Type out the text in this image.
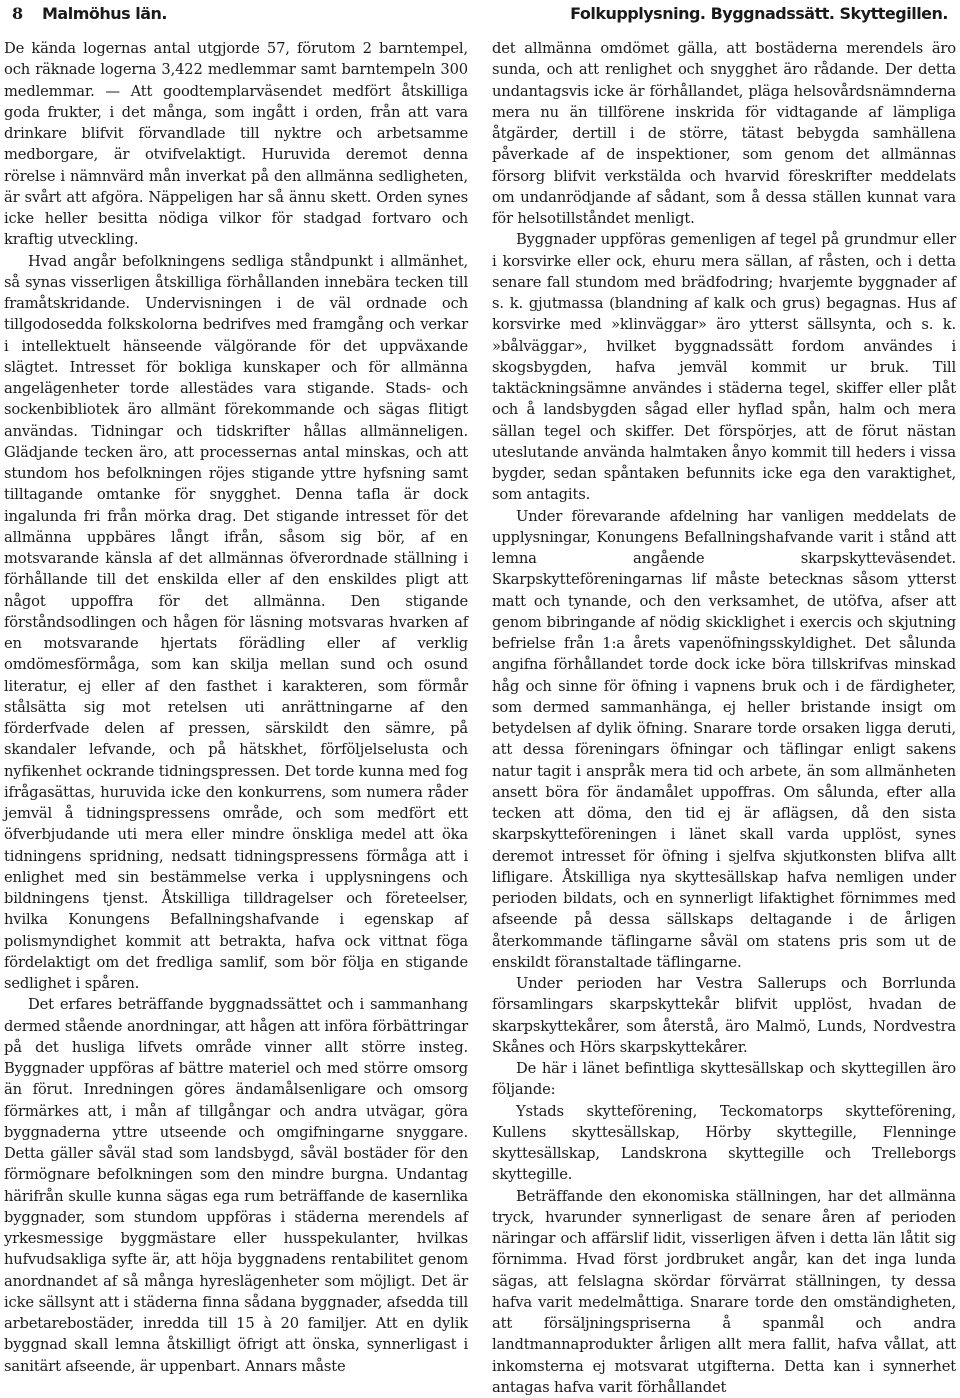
8 Malmöhus län.	Folkupplysning. Byggnadssätt. Skyttegillen.

De kända logernas antal utgjorde 57, förutom 2 barntempel, och räknade logerna 3,422 medlemmar samt barntempeln 300 medlemmar. — Att goodtemplarväsendet medfört åtskilliga goda frukter, i det många, som ingått i orden, från att vara drinkare blifvit förvandlade till nyktre och arbetsamme medborgare, är otvifvelaktigt. Huruvida deremot denna rörelse i nämnvärd mån inverkat på den allmänna sedligheten, är svårt att afgöra. Näppeligen har så ännu skett. Orden synes icke heller besitta nödiga vilkor för stadgad fortvaro och kraftig utveckling.

Hvad angår befolkningens sedliga ståndpunkt i allmänhet, så synas visserligen åtskilliga förhållanden innebära tecken till framåtskridande. Undervisningen i de väl ordnade och tillgodosedda folkskolorna bedrifves med framgång och verkar i intellektuelt hänseende välgörande för det uppväxande slägtet. Intresset för bokliga kunskaper och för allmänna angelägenheter torde allestädes vara stigande. Stads- och sockenbibliotek äro allmänt förekommande och sägas flitigt användas. Tidningar och tidskrifter hållas allmänneligen. Glädjande tecken äro, att processernas antal minskas, och att stundom hos befolkningen röjes stigande yttre hyfsning samt tilltagande omtanke för snygghet. Denna tafla är dock ingalunda fri från mörka drag. Det stigande intresset för det allmänna uppbäres långt ifrån, såsom sig bör, af en motsvarande känsla af det allmännas öfverordnade ställning i förhållande till det enskilda eller af den enskildes pligt att något uppoffra för det allmänna. Den stigande förståndsodlingen och hågen för läsning motsvaras hvarken af en motsvarande hjertats förädling eller af verklig omdömesförmåga, som kan skilja mellan sund och osund literatur, ej eller af den fasthet i karakteren, som förmår stålsätta sig mot retelsen uti anrättningarne af den förderfvade delen af pressen, särskildt den sämre, på skandaler lefvande, och på hätskhet, förföljelselusta och nyfikenhet ockrande tidningspressen. Det torde kunna med fog ifrågasättas, huruvida icke den konkurrens, som numera råder jemväl å tidningspressens område, och som medfört ett öfverbjudande uti mera eller mindre önskliga medel att öka tidningens spridning, nedsatt tidningspressens förmåga att i enlighet med sin bestämmelse verka i upplysningens och bildningens tjenst. Åtskilliga tilldragelser och företeelser, hvilka Konungens Befallningshafvande i egenskap af polismyndighet kommit att betrakta, hafva ock vittnat föga fördelaktigt om det fredliga samlif, som bör följa en stigande sedlighet i spåren.

Det erfares beträffande byggnadssättet och i sammanhang dermed stående anordningar, att hågen att införa förbättringar på det husliga lifvets område vinner allt större insteg. Byggnader uppföras af bättre materiel och med större omsorg än förut. Inredningen göres ändamålsenligare och omsorg förmärkes att, i mån af tillgångar och andra utvägar, göra byggnaderna yttre utseende och omgifningarne snyggare. Detta gäller såväl stad som landsbygd, såväl bostäder för den förmögnare befolkningen som den mindre burgna. Undantag härifrån skulle kunna sägas ega rum beträffande de kasernlika byggnader, som stundom uppföras i städerna merendels af yrkesmessige byggmästare eller husspekulanter, hvilkas hufvudsakliga syfte är, att höja byggnadens rentabilitet genom anordnandet af så många hyreslägenheter som möjligt. Det är icke sällsynt att i städerna finna sådana byggnader, afsedda till arbetarebostäder, inredda till 15 à 20 familjer. Att en dylik byggnad skall lemna åtskilligt öfrigt att önska, synnerligast i sanitärt afseende, är uppenbart. Annars måste

det allmänna omdömet gälla, att bostäderna merendels äro sunda, och att renlighet och snygghet äro rådande. Der detta undantagsvis icke är förhållandet, pläga helsovårdsnämnderna mera nu än tillförene inskrida för vidtagande af lämpliga åtgärder, dertill i de större, tätast bebygda samhällena påverkade af de inspektioner, som genom det allmännas försorg blifvit verkstälda och hvarvid föreskrifter meddelats om undanrödjande af sådant, som å dessa ställen kunnat vara för helsotillståndet menligt.

Byggnader uppföras gemenligen af tegel på grundmur eller i korsvirke eller ock, ehuru mera sällan, af råsten, och i detta senare fall stundom med brädfodring; hvarjemte byggnader af s. k. gjutmassa (blandning af kalk och grus) begagnas. Hus af korsvirke med »klinväggar» äro ytterst sällsynta, och s. k. »bålväggar», hvilket byggnadssätt fordom användes i skogsbygden, hafva jemväl kommit ur bruk. Till taktäckningsämne användes i städerna tegel, skiffer eller plåt och å landsbygden sågad eller hyflad spån, halm och mera sällan tegel och skiffer. Det förspörjes, att de förut nästan uteslutande använda halmtaken ånyo kommit till heders i vissa bygder, sedan spåntaken befunnits icke ega den varaktighet, som antagits.

Under förevarande afdelning har vanligen meddelats de upplysningar, Konungens Befallningshafvande varit i stånd att lemna angående skarpskytteväsendet. Skarpskytteföreningarnas lif måste betecknas såsom ytterst matt och tynande, och den verksamhet, de utöfva, afser att genom bibringande af nödig skicklighet i exercis och skjutning befrielse från 1:a årets vapenöfningsskyldighet. Det sålunda angifna förhållandet torde dock icke böra tillskrifvas minskad håg och sinne för öfning i vapnens bruk och i de färdigheter, som dermed sammanhänga, ej heller bristande insigt om betydelsen af dylik öfning. Snarare torde orsaken ligga deruti, att dessa föreningars öfningar och täflingar enligt sakens natur tagit i anspråk mera tid och arbete, än som allmänheten ansett böra för ändamålet uppoffras. Om sålunda, efter alla tecken att döma, den tid ej är aflägsen, då den sista skarpskytteföreningen i länet skall varda upplöst, synes deremot intresset för öfning i sjelfva skjutkonsten blifva allt lifligare. Åtskilliga nya skyttesällskap hafva nemligen under perioden bildats, och en synnerligt lifaktighet förnimmes med afseende på dessa sällskaps deltagande i de årligen återkommande täflingarne såväl om statens pris som ut de enskildt föranstaltade täflingarne.

Under perioden har Vestra Sallerups och Borrlunda församlingars skarpskyttekår blifvit upplöst, hvadan de skarpskyttekårer, som återstå, äro Malmö, Lunds, Nordvestra Skånes och Hörs skarpskyttekårer.

De här i länet befintliga skyttesällskap och skyttegillen äro följande:

Ystads skytteförening, Teckomatorps skytteförening, Kullens skyttesällskap, Hörby skyttegille, Flenninge skyttesällskap, Landskrona skyttegille och Trelleborgs skyttegille.

Beträffande den ekonomiska ställningen, har det allmänna tryck, hvarunder synnerligast de senare åren af perioden näringar och affärslif lidit, visserligen äfven i detta län låtit sig förnimma. Hvad först jordbruket angår, kan det inga lunda sägas, att felslagna skördar förvärrat ställningen, ty dessa hafva varit medelmåttiga. Snarare torde den omständigheten, att försäljningspriserna å spanmål och andra landtmannaprodukter årligen allt mera fallit, hafva vållat, att inkomsterna ej motsvarat utgifterna. Detta kan i synnerhet antagas hafva varit förhållandet
